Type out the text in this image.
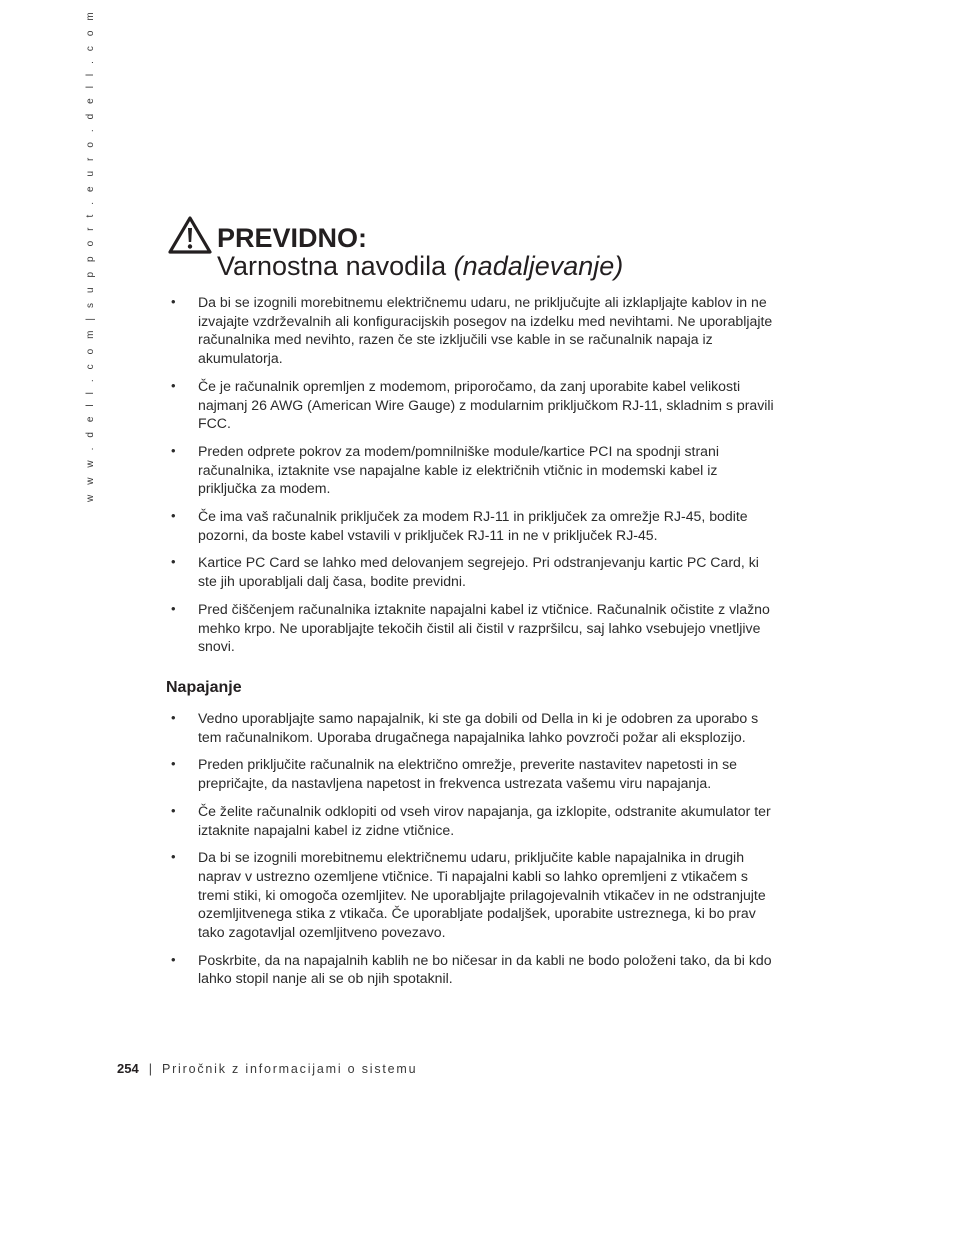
w w w . d e l l . c o m | s u p p o r t . e u r o . d e l l . c o m	PREVIDNO:
Varnostna navodila (nadaljevanje)
• Da bi se izognili morebitnemu električnemu udaru, ne priključujte ali izklapljajte kablov in ne izvajajte vzdrževalnih ali konfiguracijskih posegov na izdelku med nevihtami. Ne uporabljajte računalnika med nevihto, razen če ste izključili vse kable in se računalnik napaja iz akumulatorja.
• Če je računalnik opremljen z modemom, priporočamo, da zanj uporabite kabel velikosti najmanj 26 AWG (American Wire Gauge) z modularnim priključkom RJ-11, skladnim s pravili FCC.
• Preden odprete pokrov za modem/pomnilniške module/kartice PCI na spodnji strani računalnika, iztaknite vse napajalne kable iz električnih vtičnic in modemski kabel iz priključka za modem.
• Če ima vaš računalnik priključek za modem RJ-11 in priključek za omrežje RJ-45, bodite pozorni, da boste kabel vstavili v priključek RJ-11 in ne v priključek RJ-45.
• Kartice PC Card se lahko med delovanjem segrejejo. Pri odstranjevanju kartic PC Card, ki ste jih uporabljali dalj časa, bodite previdni.
• Pred čiščenjem računalnika iztaknite napajalni kabel iz vtičnice. Računalnik očistite z vlažno mehko krpo. Ne uporabljajte tekočih čistil ali čistil v razpršilcu, saj lahko vsebujejo vnetljive snovi.
Napajanje
• Vedno uporabljajte samo napajalnik, ki ste ga dobili od Della in ki je odobren za uporabo s tem računalnikom. Uporaba drugačnega napajalnika lahko povzroči požar ali eksplozijo.
• Preden priključite računalnik na električno omrežje, preverite nastavitev napetosti in se prepričajte, da nastavljena napetost in frekvenca ustrezata vašemu viru napajanja.
• Če želite računalnik odklopiti od vseh virov napajanja, ga izklopite, odstranite akumulator ter iztaknite napajalni kabel iz zidne vtičnice.
• Da bi se izognili morebitnemu električnemu udaru, priključite kable napajalnika in drugih naprav v ustrezno ozemljene vtičnice. Ti napajalni kabli so lahko opremljeni z vtikačem s tremi stiki, ki omogoča ozemljitev. Ne uporabljajte prilagojevalnih vtikačev in ne odstranjujte ozemljitvenega stika z vtikača. Če uporabljate podaljšek, uporabite ustreznega, ki bo prav tako zagotavljal ozemljitveno povezavo.
• Poskrbite, da na napajalnih kablih ne bo ničesar in da kabli ne bodo položeni tako, da bi kdo lahko stopil nanje ali se ob njih spotaknil.
254 | Priročnik z informacijami o sistemu
